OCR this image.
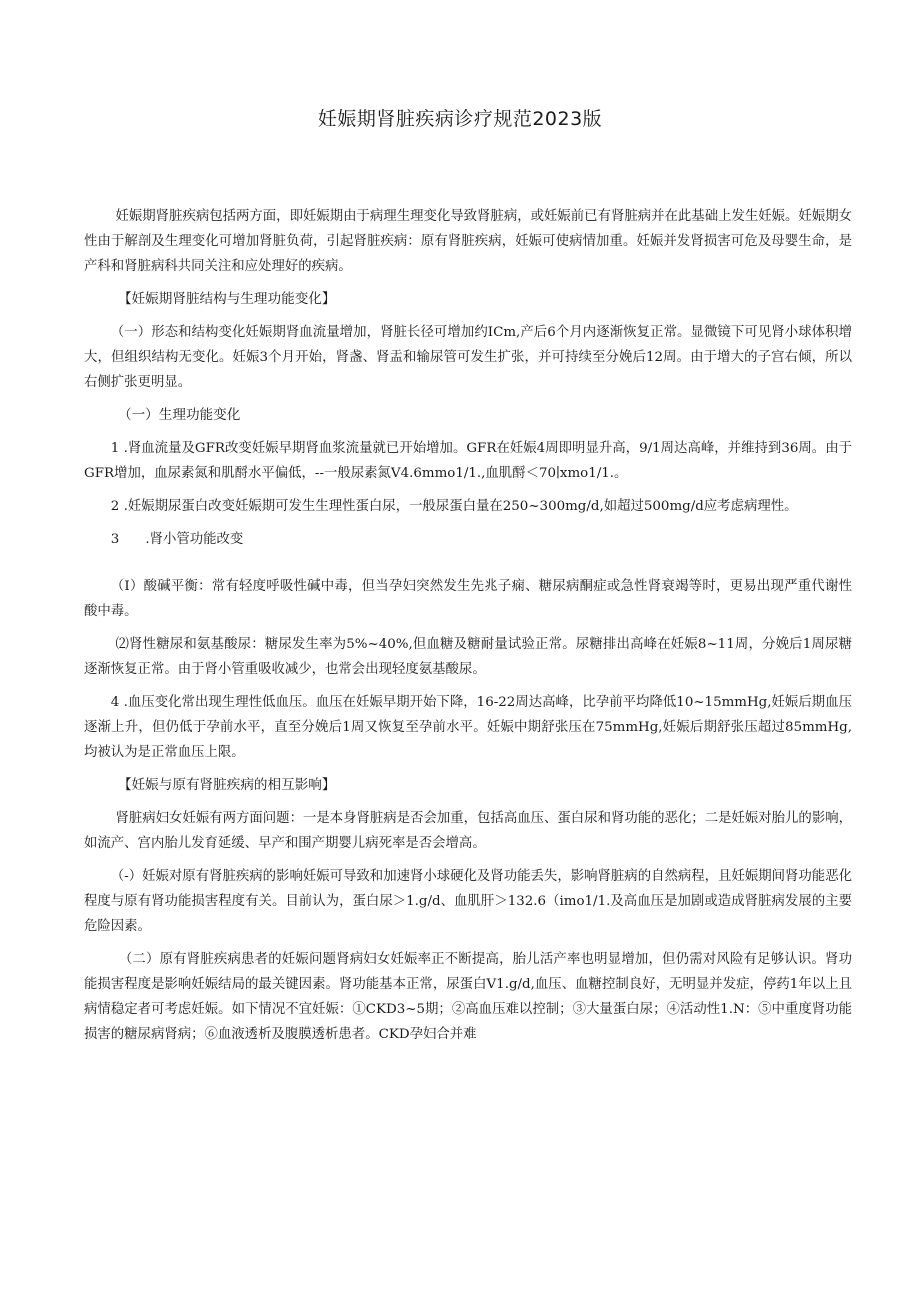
妊娠期肾脏疾病诊疗规范2023版

妊娠期肾脏疾病包括两方面，即妊娠期由于病理生理变化导致肾脏病，或妊娠前已有肾脏病并在此基础上发生妊娠。妊娠期女性由于解剖及生理变化可增加肾脏负荷，引起肾脏疾病：原有肾脏疾病，妊娠可使病情加重。妊娠并发肾损害可危及母婴生命，是产科和肾脏病科共同关注和应处理好的疾病。

【妊娠期肾脏结构与生理功能变化】

（一）形态和结构变化妊娠期肾血流量增加，肾脏长径可增加约ICm,产后6个月内逐渐恢复正常。显微镜下可见肾小球体积增大，但组织结构无变化。妊娠3个月开始，肾盏、肾盂和输尿管可发生扩张，并可持续至分娩后12周。由于增大的子宫右倾，所以右侧扩张更明显。

（一）生理功能变化

1 .肾血流量及GFR改变妊娠早期肾血浆流量就已开始增加。GFR在妊娠4周即明显升高，9/1周达高峰，并维持到36周。由于GFR增加，血尿素氮和肌酹水平偏低，--一般尿素氮V4.6mmo1∕1.,血肌酹＜70∣xmo1∕1.。

2 .妊娠期尿蛋白改变妊娠期可发生生理性蛋白尿，一般尿蛋白量在250~300mg∕d,如超过500mg∕d应考虑病理性。

3 .肾小管功能改变

（I）酸碱平衡：常有轻度呼吸性碱中毒，但当孕妇突然发生先兆子痫、糖尿病酮症或急性肾衰竭等时，更易出现严重代谢性酸中毒。

⑵肾性糖尿和氨基酸尿：糖尿发生率为5%~40%,但血糖及糖耐量试验正常。尿糖排出高峰在妊娠8~11周，分娩后1周尿糖逐渐恢复正常。由于肾小管重吸收减少，也常会出现轻度氨基酸尿。

4 .血压变化常出现生理性低血压。血压在妊娠早期开始下降，16-22周达高峰，比孕前平均降低10~15mmHg,妊娠后期血压逐渐上升，但仍低于孕前水平，直至分娩后1周又恢复至孕前水平。妊娠中期舒张压在75mmHg,妊娠后期舒张压超过85mmHg,均被认为是正常血压上限。

【妊娠与原有肾脏疾病的相互影响】

肾脏病妇女妊娠有两方面问题：一是本身肾脏病是否会加重，包括高血压、蛋白尿和肾功能的恶化；二是妊娠对胎儿的影响，如流产、宫内胎儿发育延缓、早产和围产期婴儿病死率是否会增高。

（-）妊娠对原有肾脏疾病的影响妊娠可导致和加速肾小球硬化及肾功能丢失，影响肾脏病的自然病程，且妊娠期间肾功能恶化程度与原有肾功能损害程度有关。目前认为，蛋白尿＞1.g∕d、血肌肝＞132.6（imo1∕1.及高血压是加剧或造成肾脏病发展的主要危险因素。

（二）原有肾脏疾病患者的妊娠问题肾病妇女妊娠率正不断提高，胎儿活产率也明显增加，但仍需对风险有足够认识。肾功能损害程度是影响妊娠结局的最关键因素。肾功能基本正常，尿蛋白V1.g∕d,血压、血糖控制良好，无明显并发症，停药1年以上且病情稳定者可考虑妊娠。如下情况不宜妊娠：①CKD3~5期；②高血压难以控制；③大量蛋白尿；④活动性1.N：⑤中重度肾功能损害的糖尿病肾病；⑥血液透析及腹膜透析患者。CKD孕妇合并难
